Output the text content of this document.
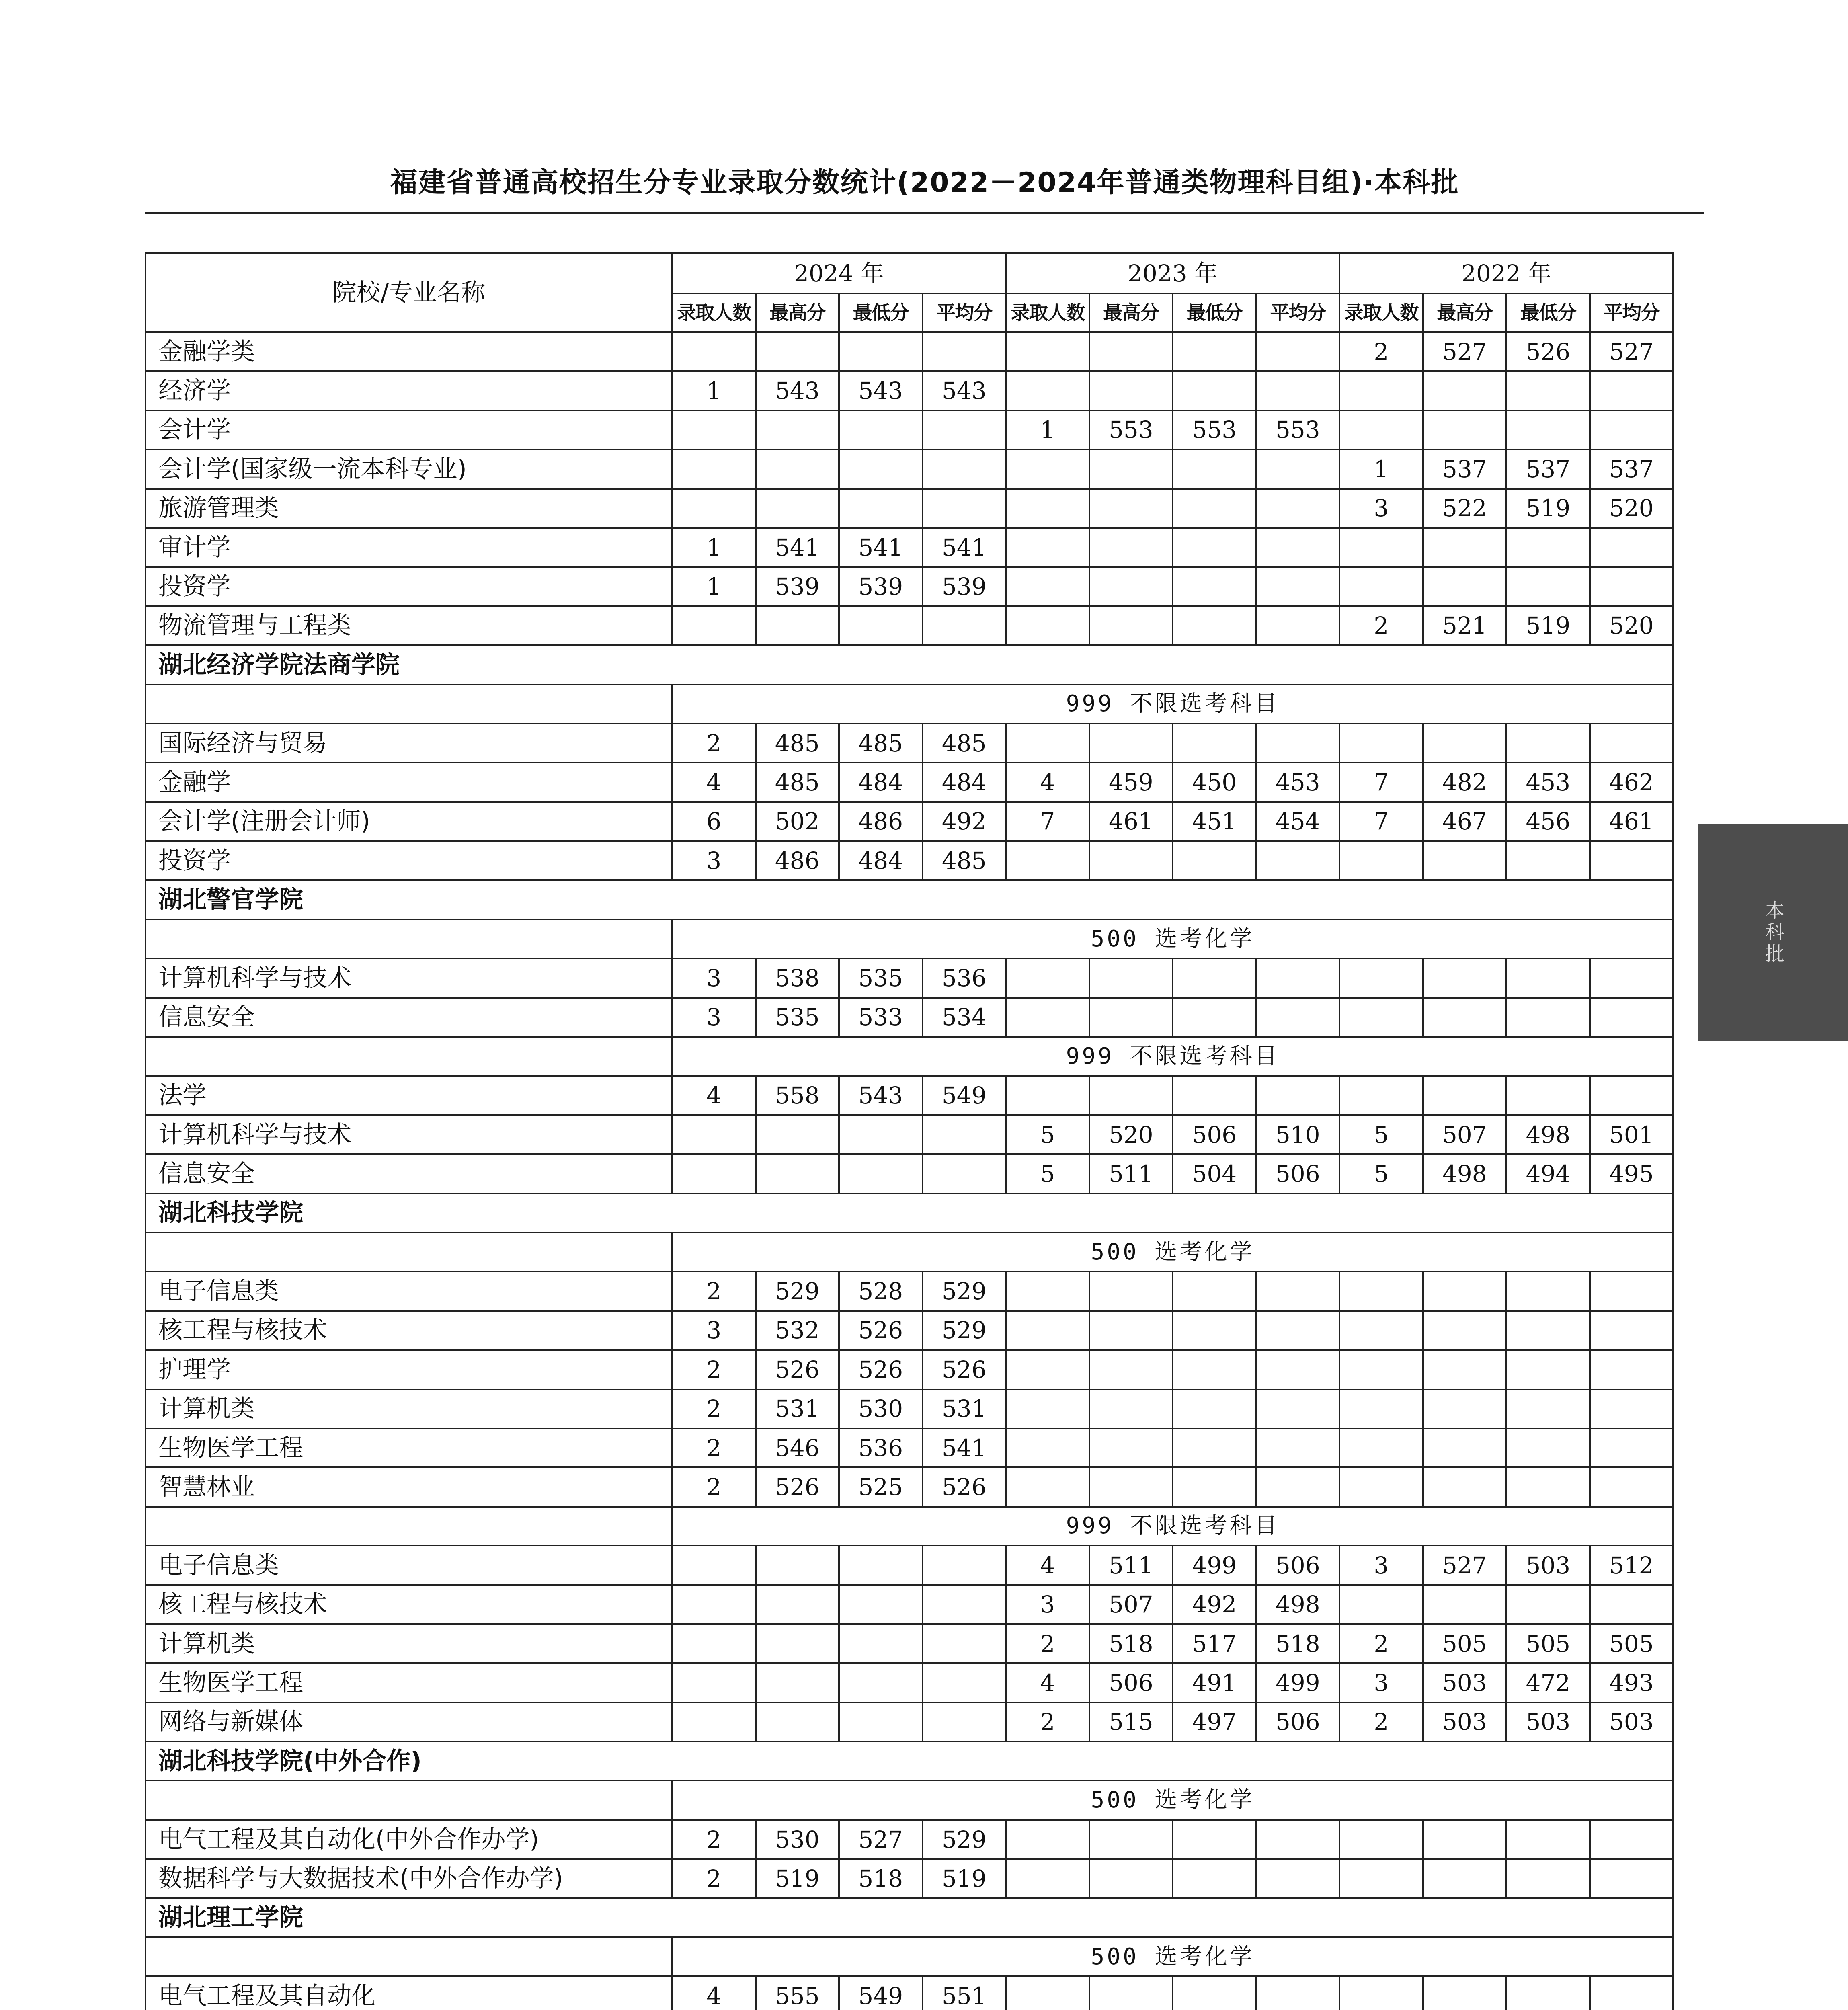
福建省普通高校招生分专业录取分数统计(2022－2024年普通类物理科目组)·本科批
院校/专业名称	2024 年				2023 年				2022 年			
	录取人数	最高分	最低分	平均分	录取人数	最高分	最低分	平均分	录取人数	最高分	最低分	平均分
金融学类									2	527	526	527
经济学	1	543	543	543								
会计学					1	553	553	553				
会计学(国家级一流本科专业)									1	537	537	537
旅游管理类									3	522	519	520
审计学	1	541	541	541								
投资学	1	539	539	539								
物流管理与工程类									2	521	519	520
湖北经济学院法商学院												
	999 不限选考科目											
国际经济与贸易	2	485	485	485								
金融学	4	485	484	484	4	459	450	453	7	482	453	462
会计学(注册会计师)	6	502	486	492	7	461	451	454	7	467	456	461
投资学	3	486	484	485								
湖北警官学院												
	500 选考化学											
计算机科学与技术	3	538	535	536								
信息安全	3	535	533	534								
	999 不限选考科目											
法学	4	558	543	549								
计算机科学与技术					5	520	506	510	5	507	498	501
信息安全					5	511	504	506	5	498	494	495
湖北科技学院												
	500 选考化学											
电子信息类	2	529	528	529								
核工程与核技术	3	532	526	529								
护理学	2	526	526	526								
计算机类	2	531	530	531								
生物医学工程	2	546	536	541								
智慧林业	2	526	525	526								
	999 不限选考科目											
电子信息类					4	511	499	506	3	527	503	512
核工程与核技术					3	507	492	498				
计算机类					2	518	517	518	2	505	505	505
生物医学工程					4	506	491	499	3	503	472	493
网络与新媒体					2	515	497	506	2	503	503	503
湖北科技学院(中外合作)												
	500 选考化学											
电气工程及其自动化(中外合作办学)	2	530	527	529								
数据科学与大数据技术(中外合作办学)	2	519	518	519								
湖北理工学院												
	500 选考化学											
电气工程及其自动化	4	555	549	551								

本科批
